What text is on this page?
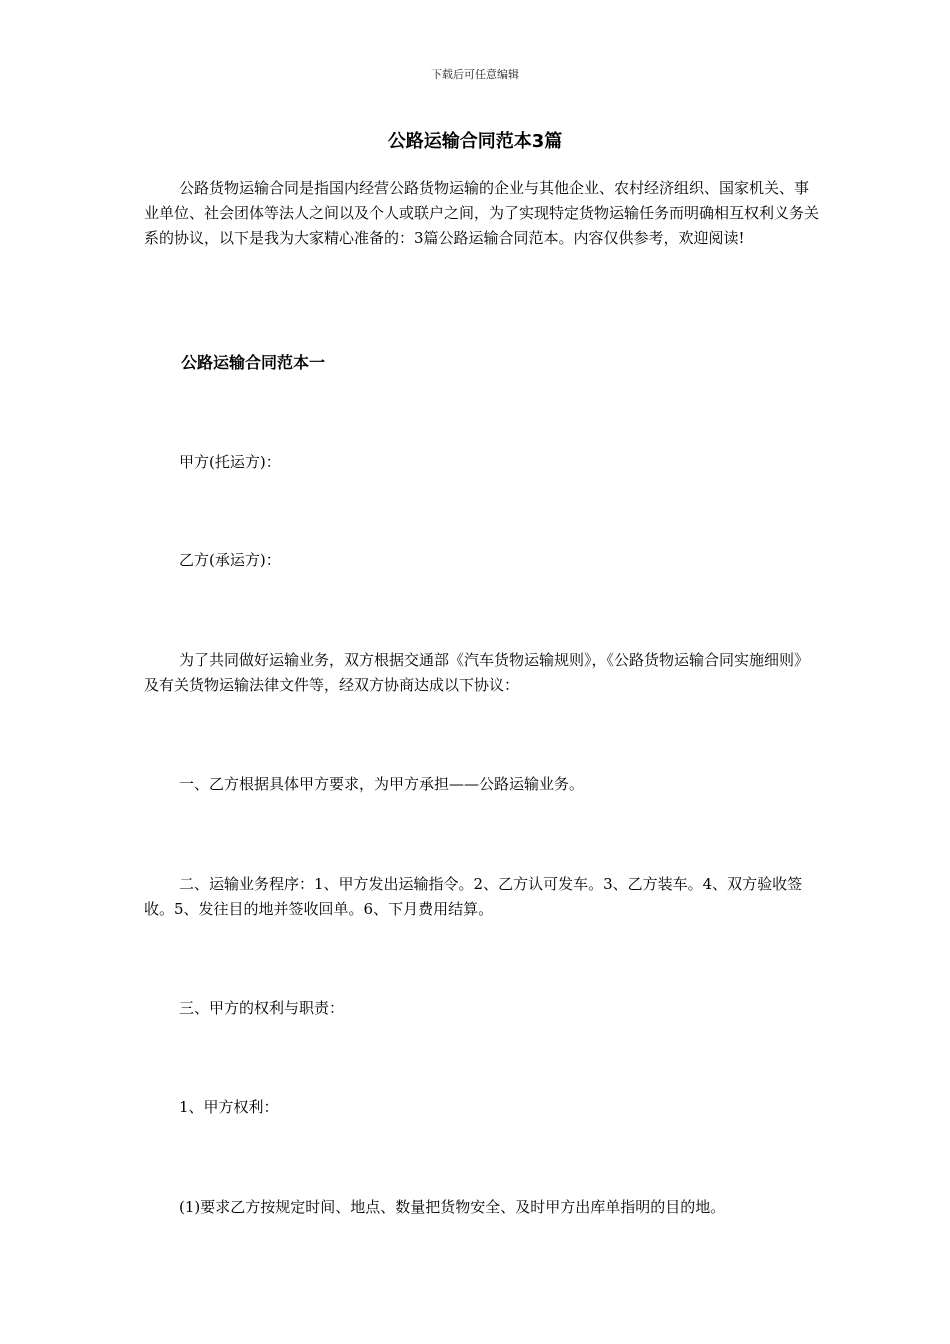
下载后可任意编辑
公路运输合同范本3篇
公路货物运输合同是指国内经营公路货物运输的企业与其他企业、农村经济组织、国家机关、事业单位、社会团体等法人之间以及个人或联户之间，为了实现特定货物运输任务而明确相互权利义务关系的协议，以下是我为大家精心准备的：3篇公路运输合同范本。内容仅供参考，欢迎阅读!
公路运输合同范本一
甲方(托运方)：
乙方(承运方)：
为了共同做好运输业务，双方根据交通部《汽车货物运输规则》，《公路货物运输合同实施细则》及有关货物运输法律文件等，经双方协商达成以下协议：
一、乙方根据具体甲方要求，为甲方承担——公路运输业务。
二、运输业务程序：1、甲方发出运输指令。2、乙方认可发车。3、乙方装车。4、双方验收签收。5、发往目的地并签收回单。6、下月费用结算。
三、甲方的权利与职责：
1、甲方权利：
(1)要求乙方按规定时间、地点、数量把货物安全、及时甲方出库单指明的目的地。
